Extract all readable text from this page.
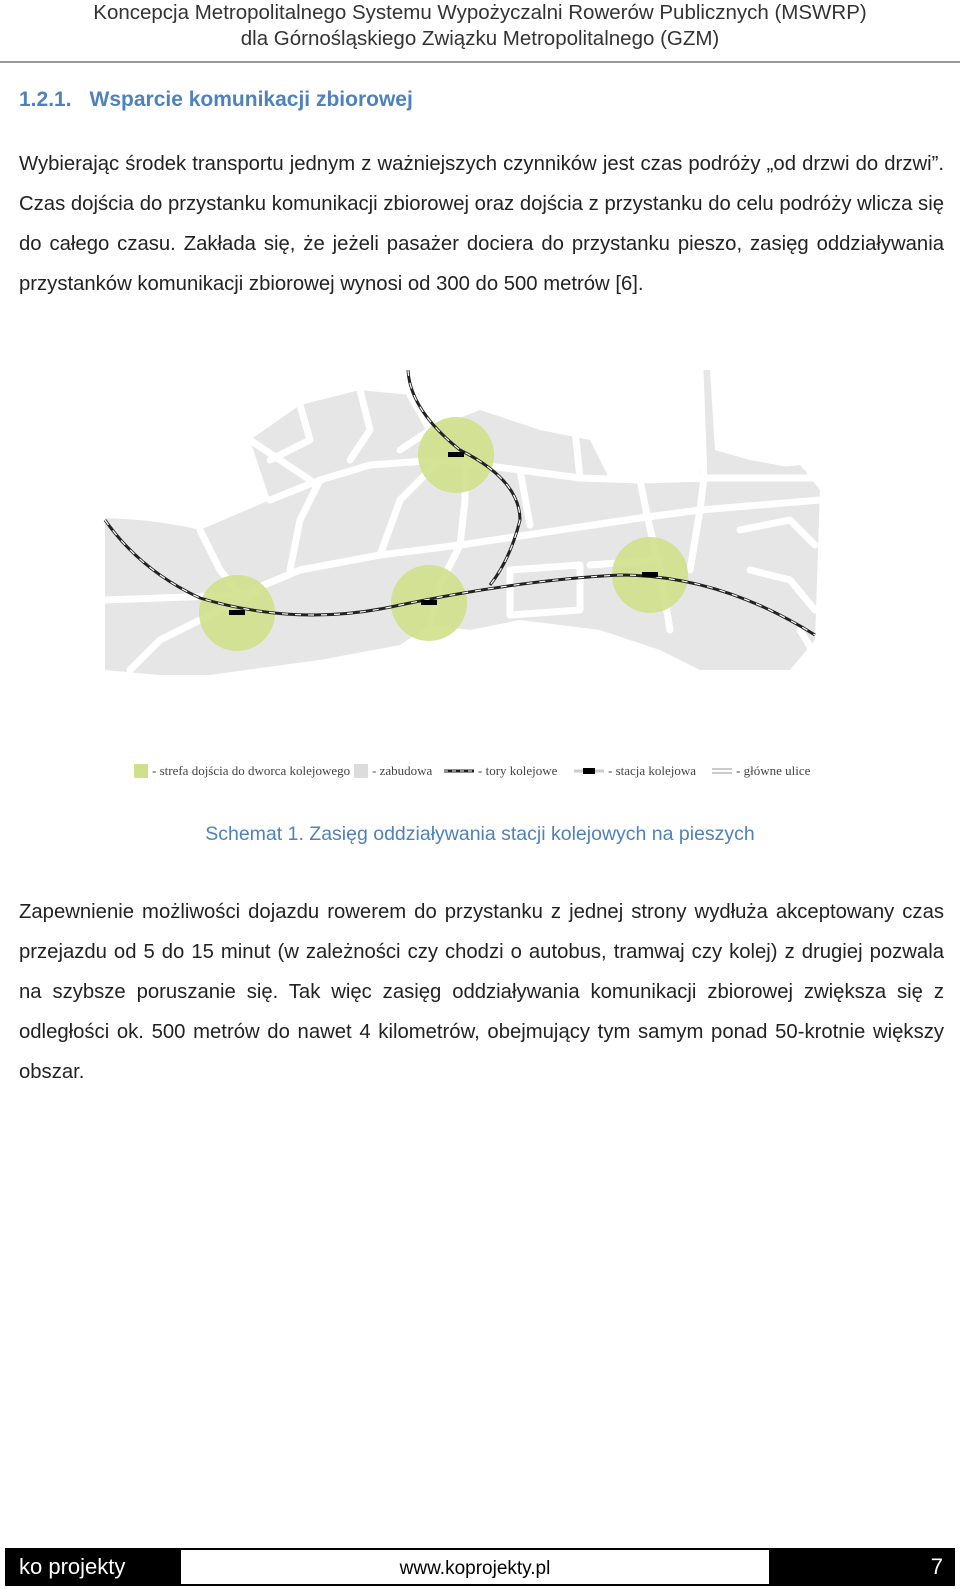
Koncepcja Metropolitalnego Systemu Wypożyczalni Rowerów Publicznych (MSWRP)
dla Górnośląskiego Związku Metropolitalnego (GZM)
1.2.1. Wsparcie komunikacji zbiorowej

Wybierając środek transportu jednym z ważniejszych czynników jest czas podróży „od drzwi do drzwi”. Czas dojścia do przystanku komunikacji zbiorowej oraz dojścia z przystanku do celu podróży wlicza się do całego czasu. Zakłada się, że jeżeli pasażer dociera do przystanku pieszo, zasięg oddziaływania przystanków komunikacji zbiorowej wynosi od 300 do 500 metrów [6].

- strefa dojścia do dworca kolejowego - zabudowa	- tory kolejowe	- stacja kolejowa	- główne ulice

Schemat 1. Zasięg oddziaływania stacji kolejowych na pieszych

Zapewnienie możliwości dojazdu rowerem do przystanku z jednej strony wydłuża akceptowany czas przejazdu od 5 do 15 minut (w zależności czy chodzi o autobus, tramwaj czy kolej) z drugiej pozwala na szybsze poruszanie się. Tak więc zasięg oddziaływania komunikacji zbiorowej zwiększa się z odległości ok. 500 metrów do nawet 4 kilometrów, obejmujący tym samym ponad 50-krotnie większy obszar.

ko projekty	www.koprojekty.pl	7
